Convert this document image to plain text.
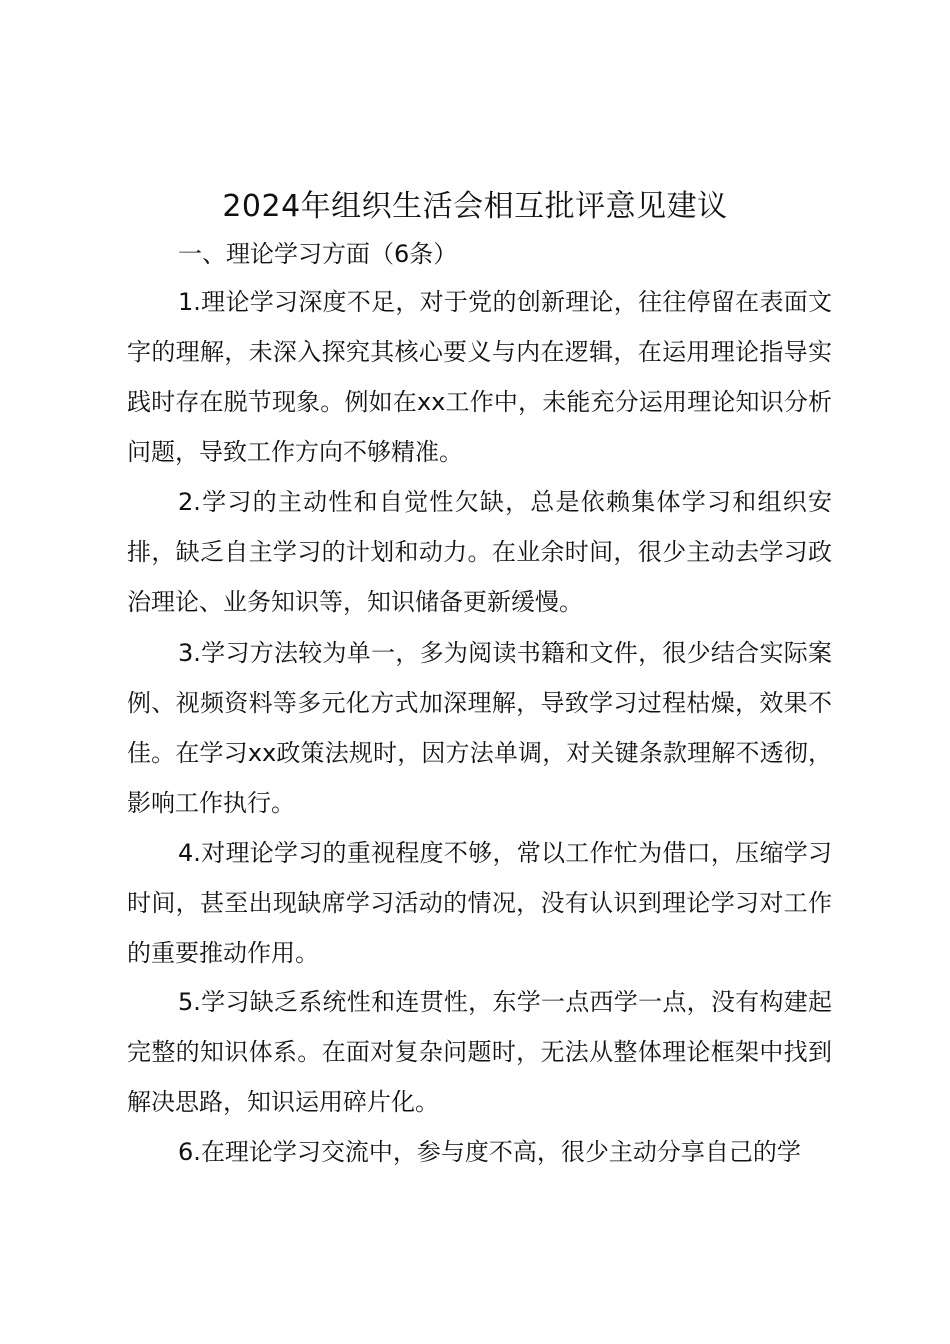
2024年组织生活会相互批评意见建议
一、理论学习方面（6条）

1.理论学习深度不足，对于党的创新理论，往往停留在表面文字的理解，未深入探究其核心要义与内在逻辑，在运用理论指导实践时存在脱节现象。例如在xx工作中，未能充分运用理论知识分析问题，导致工作方向不够精准。

2.学习的主动性和自觉性欠缺，总是依赖集体学习和组织安排，缺乏自主学习的计划和动力。在业余时间，很少主动去学习政治理论、业务知识等，知识储备更新缓慢。

3.学习方法较为单一，多为阅读书籍和文件，很少结合实际案例、视频资料等多元化方式加深理解，导致学习过程枯燥，效果不佳。在学习xx政策法规时，因方法单调，对关键条款理解不透彻，影响工作执行。

4.对理论学习的重视程度不够，常以工作忙为借口，压缩学习时间，甚至出现缺席学习活动的情况，没有认识到理论学习对工作的重要推动作用。

5.学习缺乏系统性和连贯性，东学一点西学一点，没有构建起完整的知识体系。在面对复杂问题时，无法从整体理论框架中找到解决思路，知识运用碎片化。

6.在理论学习交流中，参与度不高，很少主动分享自己的学
